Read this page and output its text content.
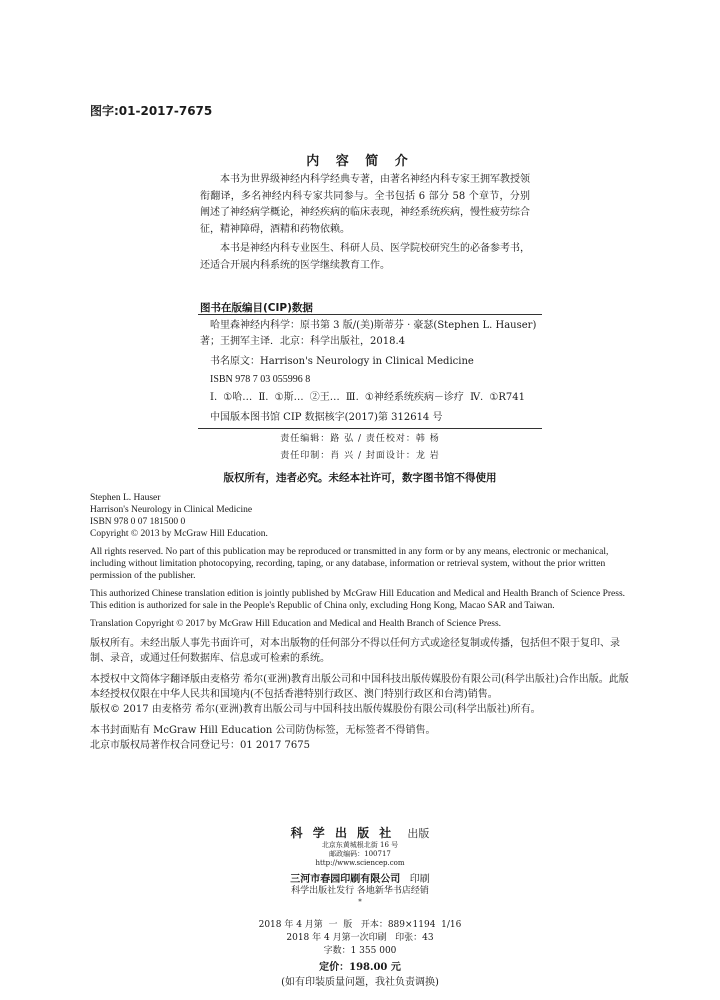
图字:01-2017-7675
内 容 简 介

本书为世界级神经内科学经典专著，由著名神经内科专家王拥军教授领衔翻译，多名神经内科专家共同参与。全书包括 6 部分 58 个章节，分别阐述了神经病学概论，神经疾病的临床表现，神经系统疾病，慢性疲劳综合征，精神障碍，酒精和药物依赖。

本书是神经内科专业医生、科研人员、医学院校研究生的必备参考书，还适合开展内科系统的医学继续教育工作。

图书在版编目(CIP)数据
哈里森神经内科学：原书第 3 版/(美)斯蒂芬 · 豪瑟(Stephen L. Hauser)
著；王拥军主译．北京：科学出版社，2018.4
书名原文：Harrison's Neurology in Clinical Medicine
ISBN 978 7 03 055996 8
Ⅰ. ①哈… Ⅱ. ①斯… ②王… Ⅲ. ①神经系统疾病－诊疗 Ⅳ. ①R741
中国版本图书馆 CIP 数据核字(2017)第 312614 号
责任编辑：路 弘 / 责任校对：韩 杨
责任印制：肖 兴 / 封面设计：龙 岩
版权所有，违者必究。未经本社许可，数字图书馆不得使用
Stephen L. Hauser
Harrison's Neurology in Clinical Medicine
ISBN 978 0 07 181500 0
Copyright © 2013 by McGraw Hill Education.
All rights reserved. No part of this publication may be reproduced or transmitted in any form or by any means, electronic or mechanical, including without limitation photocopying, recording, taping, or any database, information or retrieval system, without the prior written permission of the publisher.
This authorized Chinese translation edition is jointly published by McGraw Hill Education and Medical and Health Branch of Science Press. This edition is authorized for sale in the People's Republic of China only, excluding Hong Kong, Macao SAR and Taiwan.
Translation Copyright © 2017 by McGraw Hill Education and Medical and Health Branch of Science Press.
版权所有。未经出版人事先书面许可，对本出版物的任何部分不得以任何方式或途径复制或传播，包括但不限于复印、录制、录音，或通过任何数据库、信息或可检索的系统。
本授权中文简体字翻译版由麦格劳 希尔(亚洲)教育出版公司和中国科技出版传媒股份有限公司(科学出版社)合作出版。此版本经授权仅限在中华人民共和国境内(不包括香港特别行政区、澳门特别行政区和台湾)销售。
版权© 2017 由麦格劳 希尔(亚洲)教育出版公司与中国科技出版传媒股份有限公司(科学出版社)所有。
本书封面贴有 McGraw Hill Education 公司防伪标签，无标签者不得销售。
北京市版权局著作权合同登记号：01 2017 7675
科 学 出 版 社 出版
北京东黄城根北街 16 号
邮政编码：100717
http://www.sciencep.com
三河市春园印刷有限公司 印刷
科学出版社发行 各地新华书店经销
*
2018 年 4 月第  一  版   开本：889×1194  1/16
2018 年 4 月第一次印刷   印张：43
字数：1 355 000
定价：198.00 元
(如有印装质量问题，我社负责调换)
